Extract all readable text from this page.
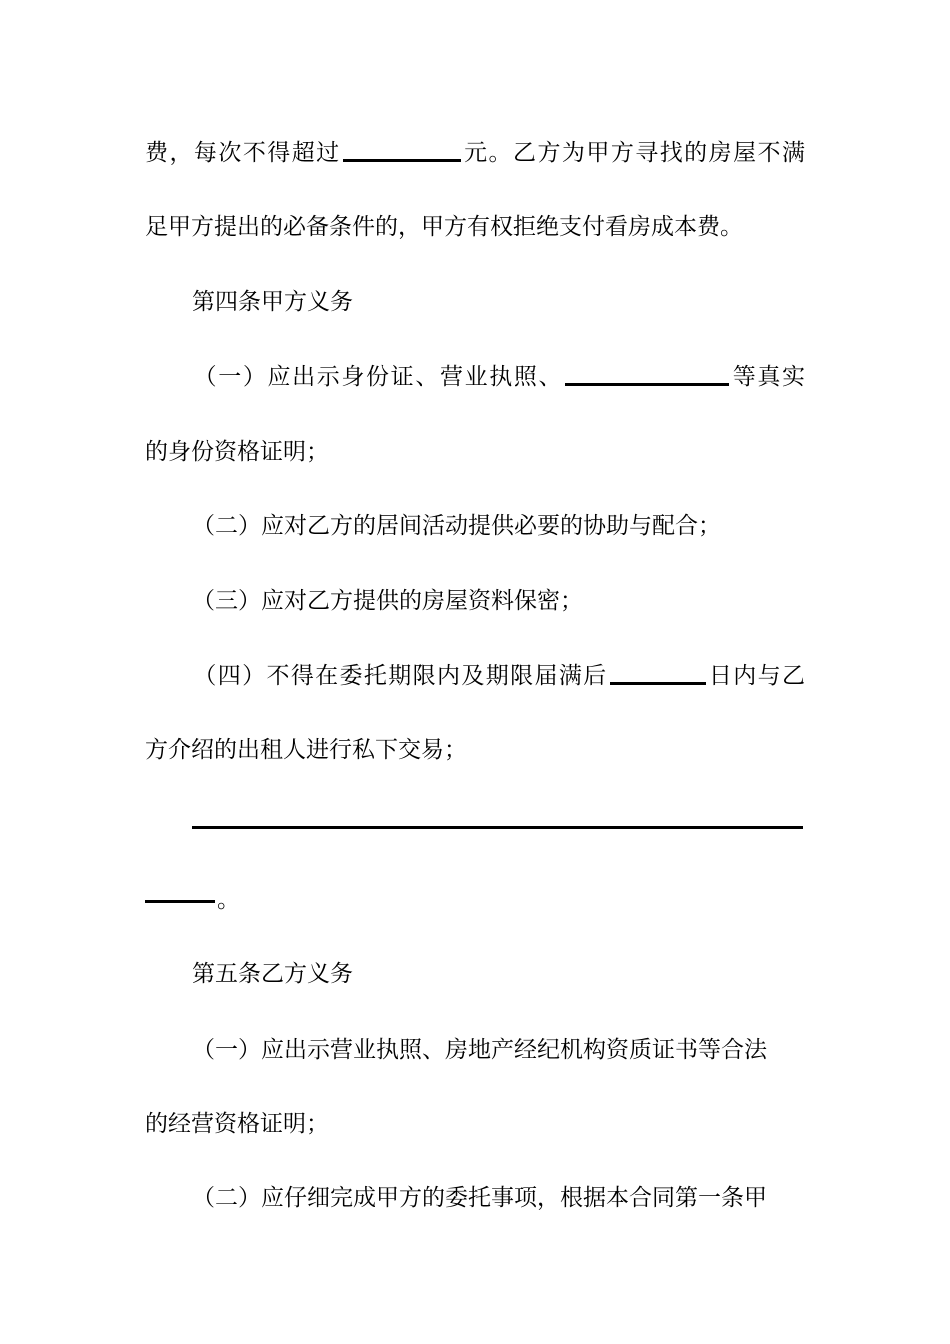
费，每次不得超过	元。乙方为甲方寻找的房屋不满
足甲方提出的必备条件的，甲方有权拒绝支付看房成本费。
第四条甲方义务
（一）应出示身份证、营业执照、	等真实
的身份资格证明；
（二）应对乙方的居间活动提供必要的协助与配合；
（三）应对乙方提供的房屋资料保密；
（四）不得在委托期限内及期限届满后	日内与乙
方介绍的出租人进行私下交易；
。
第五条乙方义务
（一）应出示营业执照、房地产经纪机构资质证书等合法
的经营资格证明；
（二）应仔细完成甲方的委托事项，根据本合同第一条甲
